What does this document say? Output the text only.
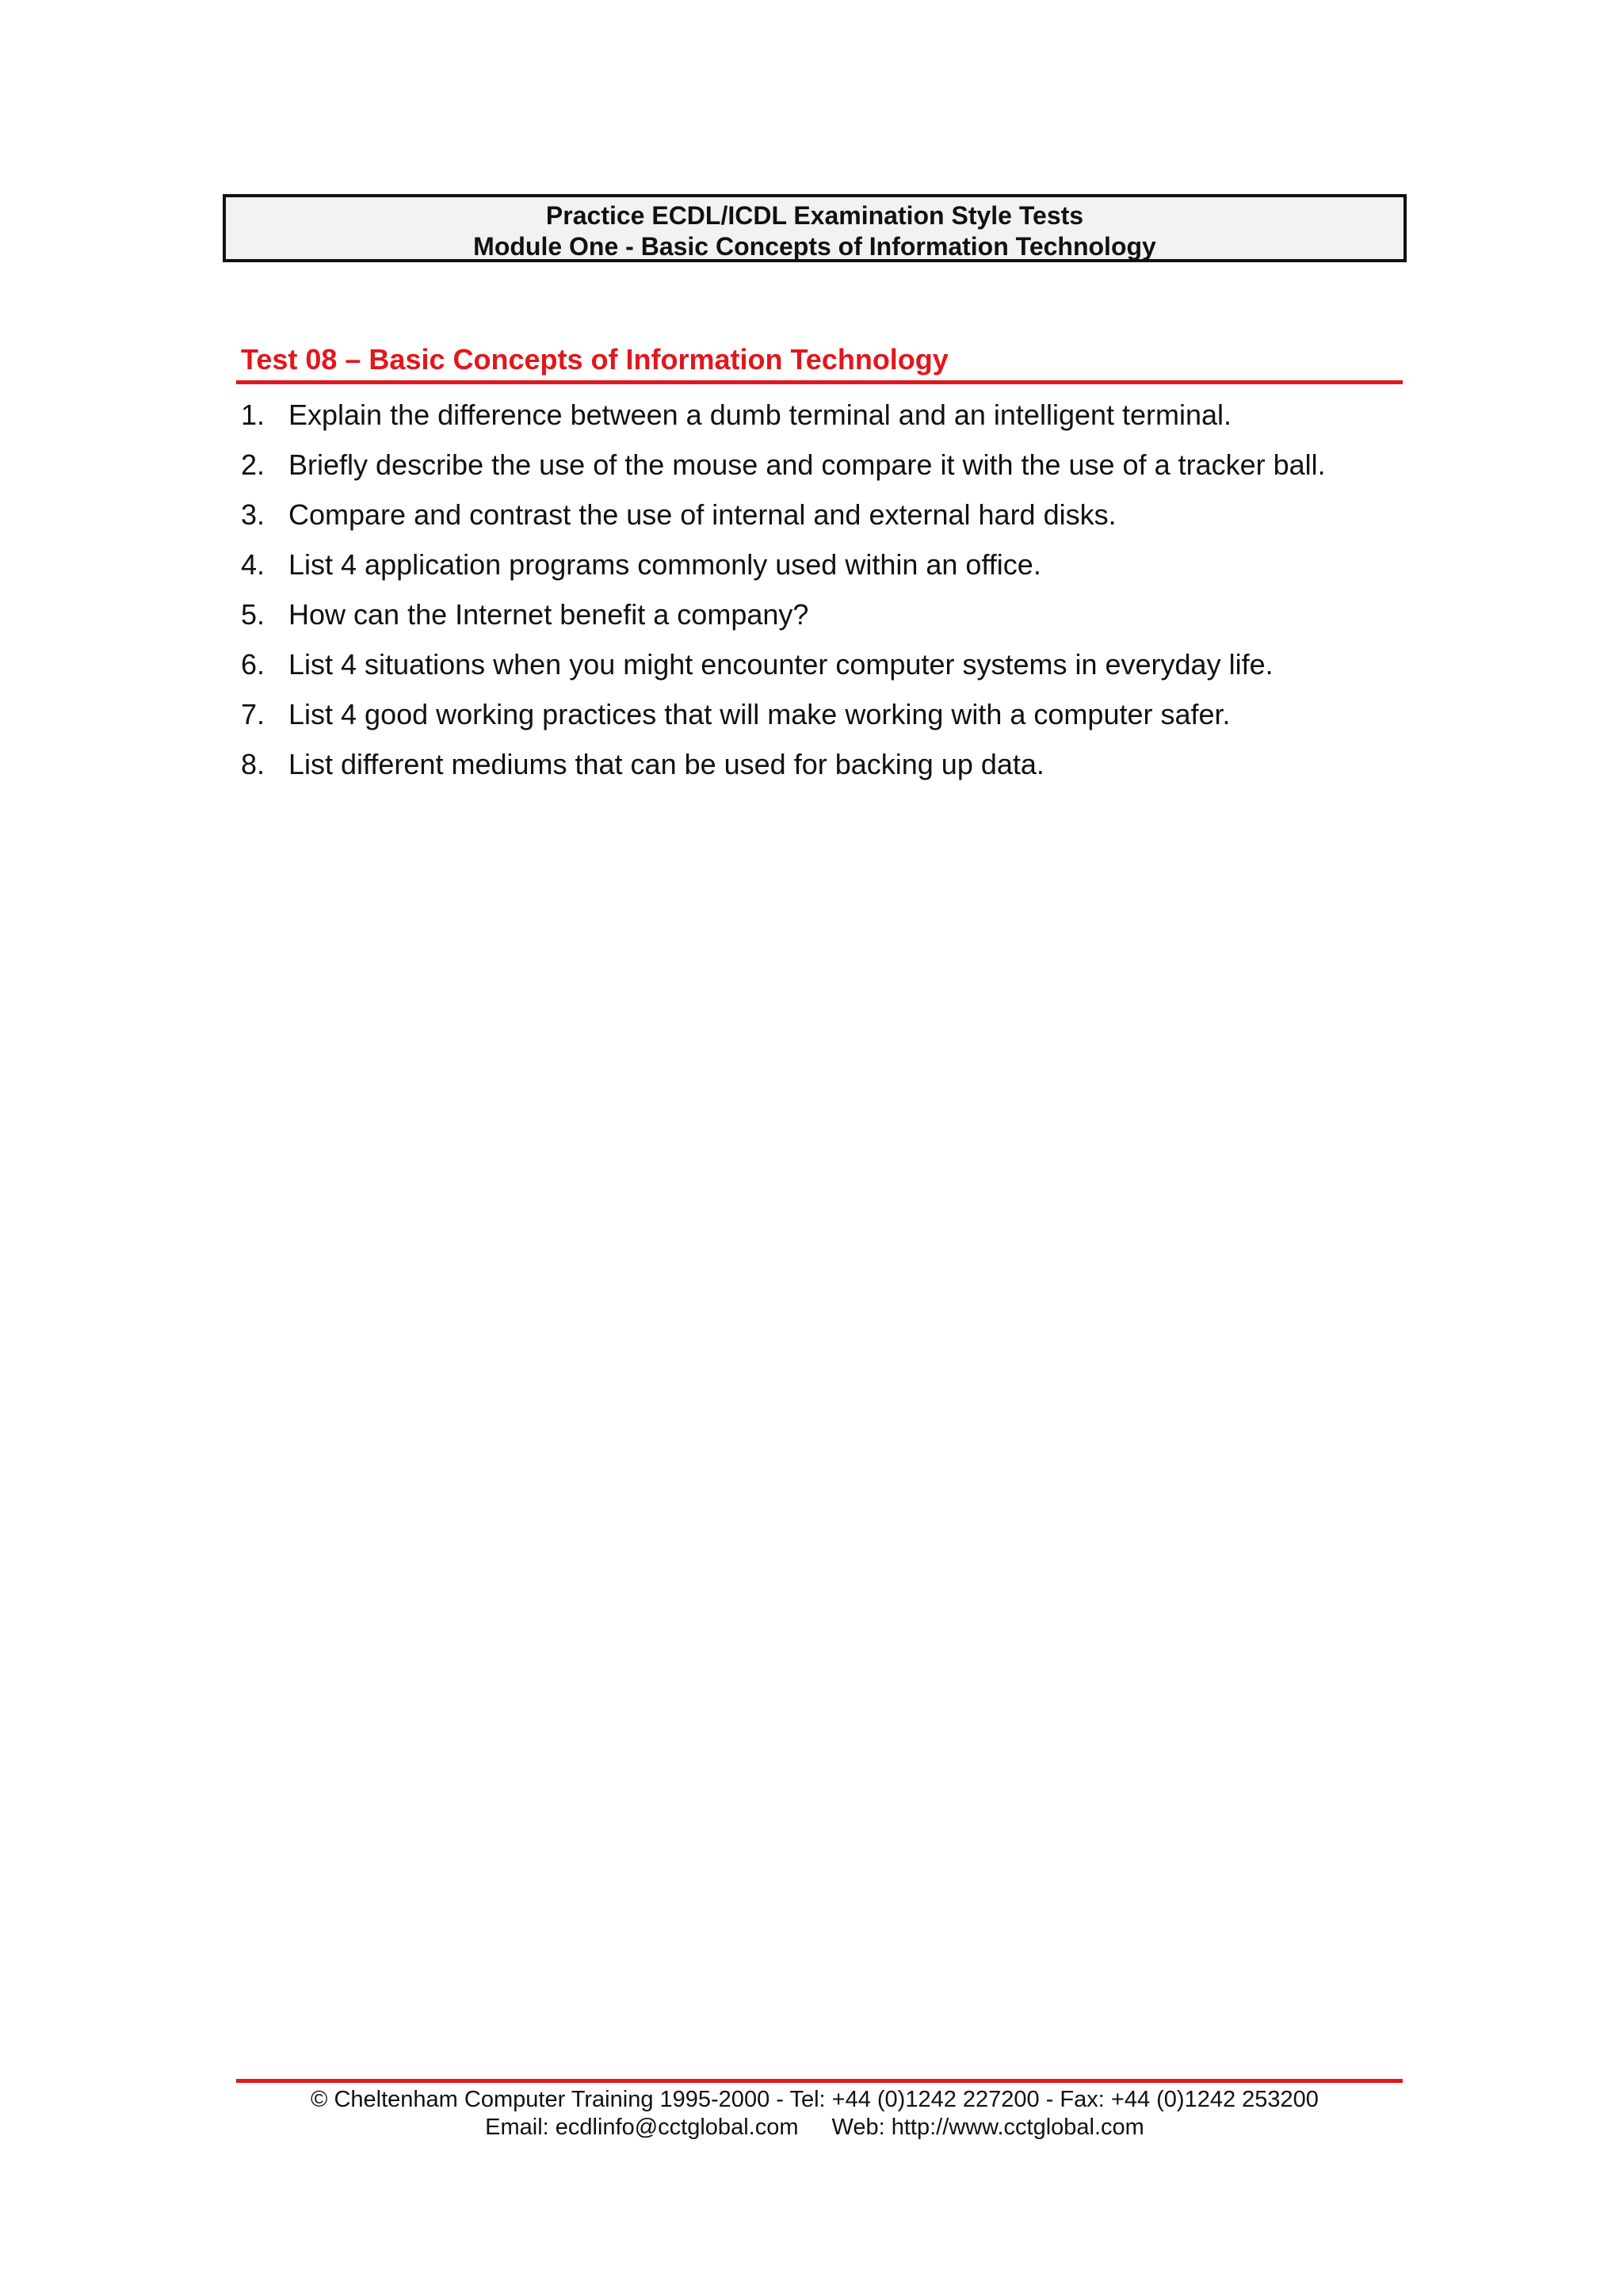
Practice ECDL/ICDL Examination Style Tests
Module One - Basic Concepts of Information Technology
Test 08 – Basic Concepts of Information Technology
1. Explain the difference between a dumb terminal and an intelligent terminal.
2. Briefly describe the use of the mouse and compare it with the use of a tracker ball.
3. Compare and contrast the use of internal and external hard disks.
4. List 4 application programs commonly used within an office.
5. How can the Internet benefit a company?
6. List 4 situations when you might encounter computer systems in everyday life.
7. List 4 good working practices that will make working with a computer safer.
8. List different mediums that can be used for backing up data.
© Cheltenham Computer Training 1995-2000 - Tel: +44 (0)1242 227200 - Fax: +44 (0)1242 253200
Email: ecdlinfo@cctglobal.com Web: http://www.cctglobal.com
